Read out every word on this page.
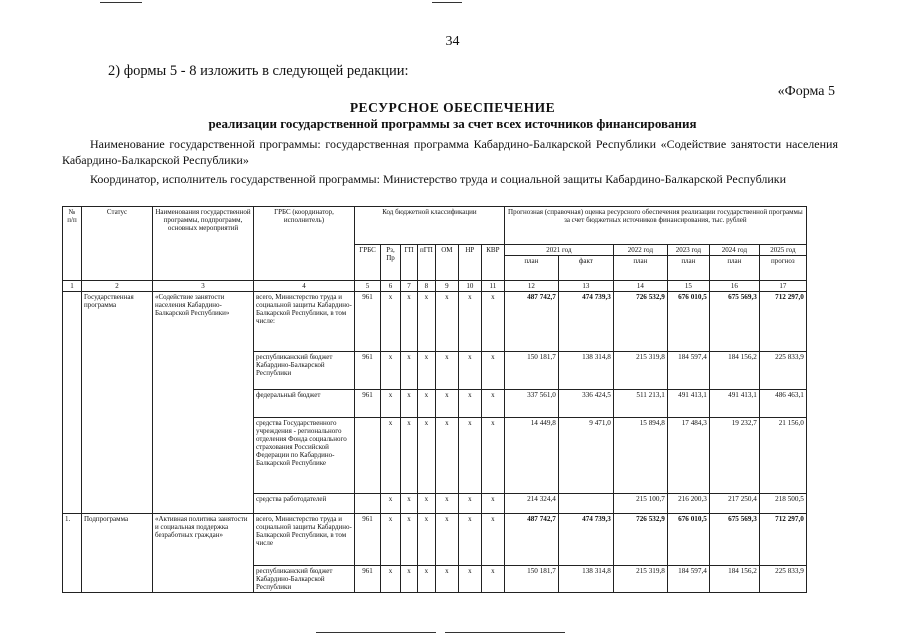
34
2) формы 5 - 8 изложить в следующей редакции:
«Форма 5
РЕСУРСНОЕ ОБЕСПЕЧЕНИЕ
реализации государственной программы за счет всех источников финансирования
Наименование государственной программы: государственная программа Кабардино-Балкарской Республики «Содействие занятости населения Кабардино-Балкарской Республики»
Координатор, исполнитель государственной программы: Министерство труда и социальной защиты Кабардино-Балкарской Республики
№ п/п	Статус	Наименования государственной программы, подпрограмм, основных мероприятий	ГРБС (координатор, исполнитель)	Код бюджетной классификации							Прогнозная (справочная) оценка ресурсного обеспечения реализации государственной программы за счет бюджетных источников финансирования, тыс. рублей					
				ГРБС	Рз, Пр	ГП	пГП	ОМ	НР	КВР	2021 год		2022 год	2023 год	2024 год	2025 год
											план	факт	план	план	план	прогноз
1	2	3	4	5	6	7	8	9	10	11	12	13	14	15	16	17
	Государственная программа	«Содействие занятости населения Кабардино-Балкарской Республики»	всего, Министерство труда и социальной защиты Кабардино-Балкарской Республики, в том числе:	961	x	x	x	x	x	x	487 742,7	474 739,3	726 532,9	676 010,5	675 569,3	712 297,0
			республиканский бюджет Кабардино-Балкарской Республики	961	x	x	x	x	x	x	150 181,7	138 314,8	215 319,8	184 597,4	184 156,2	225 833,9
			федеральный бюджет	961	x	x	x	x	x	x	337 561,0	336 424,5	511 213,1	491 413,1	491 413,1	486 463,1
			средства Государственного учреждения - регионального отделения Фонда социального страхования Российской Федерации по Кабардино-Балкарской Республике		x	x	x	x	x	x	14 449,8	9 471,0	15 894,8	17 484,3	19 232,7	21 156,0
			средства работодателей		x	x	x	x	x	x	214 324,4		215 100,7	216 200,3	217 250,4	218 500,5
1.	Подпрограмма	«Активная политика занятости и социальная поддержка безработных граждан»	всего, Министерство труда и социальной защиты Кабардино-Балкарской Республики, в том числе	961	x	x	x	x	x	x	487 742,7	474 739,3	726 532,9	676 010,5	675 569,3	712 297,0
			республиканский бюджет Кабардино-Балкарской Республики	961	x	x	x	x	x	x	150 181,7	138 314,8	215 319,8	184 597,4	184 156,2	225 833,9
